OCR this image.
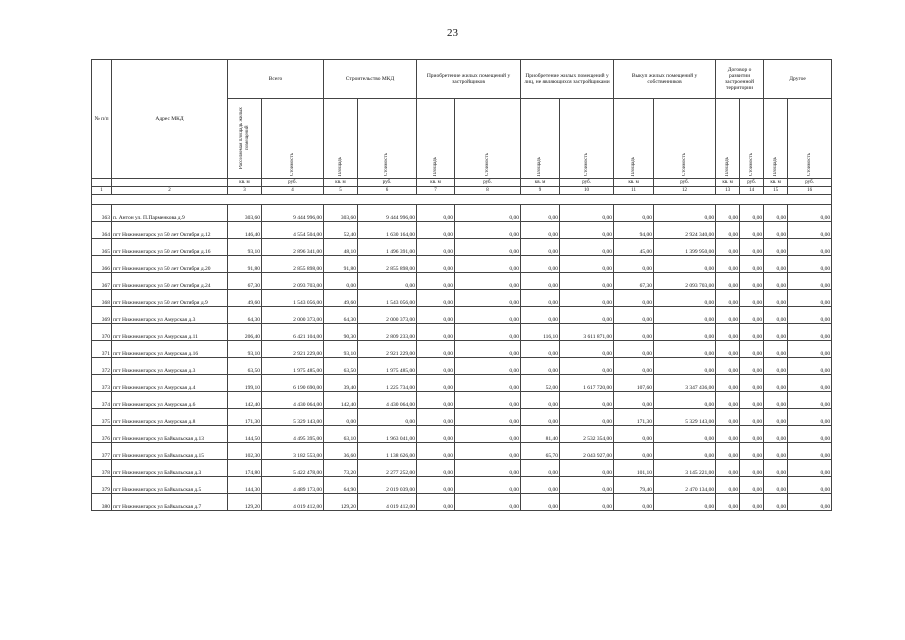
23
№ п/п	Адрес МКД	Всего		Строительство МКД		Приобретение жилых помещений у застройщиков		Приобретение жилых помещений у лиц, не являющихся застройщиками		Выкуп жилых помещений у собственников		Договор о развитии застроенной территории		Другое	
		Расселяемая площадь жилых помещений	Стоимость	Площадь	Стоимость	Площадь	Стоимость	Площадь	Стоимость	Площадь	Стоимость	Площадь	Стоимость	Площадь	Стоимость
		кв. м	руб.	кв. м	руб.	кв. м	руб.	кв. м	руб.	кв. м	руб.	кв. м	руб.	кв. м	руб.
1	2	3	4	5	6	7	8	9	10	11	12	13	14	15	16

363	п. Антон ул. П.Парменкова д.9	303,60	9 444 996,00	303,60	9 444 996,00	0,00	0,00	0,00	0,00	0,00	0,00	0,00	0,00	0,00	0,00
364	пгт Нижнеангарск ул 50 лет Октября д.12	146,40	4 554 504,00	52,40	1 630 164,00	0,00	0,00	0,00	0,00	94,00	2 924 340,00	0,00	0,00	0,00	0,00
365	пгт Нижнеангарск ул 50 лет Октября д.16	93,10	2 896 341,00	48,10	1 496 391,00	0,00	0,00	0,00	0,00	45,00	1 399 950,00	0,00	0,00	0,00	0,00
366	пгт Нижнеангарск ул 50 лет Октября д.20	91,80	2 855 898,00	91,80	2 855 898,00	0,00	0,00	0,00	0,00	0,00	0,00	0,00	0,00	0,00	0,00
367	пгт Нижнеангарск ул 50 лет Октября д.24	67,30	2 093 703,00	0,00	0,00	0,00	0,00	0,00	0,00	67,30	2 093 703,00	0,00	0,00	0,00	0,00
368	пгт Нижнеангарск ул 50 лет Октября д.9	49,60	1 543 056,00	49,60	1 543 056,00	0,00	0,00	0,00	0,00	0,00	0,00	0,00	0,00	0,00	0,00
369	пгт Нижнеангарск ул Амурская д.3	64,30	2 000 373,00	64,30	2 000 373,00	0,00	0,00	0,00	0,00	0,00	0,00	0,00	0,00	0,00	0,00
370	пгт Нижнеангарск ул Амурская д.11	206,40	6 421 104,00	90,30	2 809 233,00	0,00	0,00	116,10	3 611 871,00	0,00	0,00	0,00	0,00	0,00	0,00
371	пгт Нижнеангарск ул Амурская д.16	93,10	2 921 229,00	93,10	2 921 229,00	0,00	0,00	0,00	0,00	0,00	0,00	0,00	0,00	0,00	0,00
372	пгт Нижнеангарск ул Амурская д.3	63,50	1 975 485,00	63,50	1 975 485,00	0,00	0,00	0,00	0,00	0,00	0,00	0,00	0,00	0,00	0,00
373	пгт Нижнеангарск ул Амурская д.4	199,10	6 190 690,00	39,40	1 225 734,00	0,00	0,00	52,00	1 617 720,00	107,60	3 347 436,00	0,00	0,00	0,00	0,00
374	пгт Нижнеангарск ул Амурская д.6	142,40	4 430 064,00	142,40	4 430 064,00	0,00	0,00	0,00	0,00	0,00	0,00	0,00	0,00	0,00	0,00
375	пгт Нижнеангарск ул Амурская д.8	171,30	5 329 143,00	0,00	0,00	0,00	0,00	0,00	0,00	171,30	5 329 143,00	0,00	0,00	0,00	0,00
376	пгт Нижнеангарск ул Байкальская д.13	144,50	4 495 395,00	63,10	1 963 041,00	0,00	0,00	81,40	2 532 354,00	0,00	0,00	0,00	0,00	0,00	0,00
377	пгт Нижнеангарск ул Байкальская д.15	102,30	3 182 553,00	36,60	1 138 626,00	0,00	0,00	65,70	2 043 927,00	0,00	0,00	0,00	0,00	0,00	0,00
378	пгт Нижнеангарск ул Байкальская д.3	174,80	5 422 478,00	73,20	2 277 252,00	0,00	0,00	0,00	0,00	101,10	3 145 221,00	0,00	0,00	0,00	0,00
379	пгт Нижнеангарск ул Байкальская д.5	144,30	4 489 173,00	64,90	2 019 039,00	0,00	0,00	0,00	0,00	79,40	2 470 134,00	0,00	0,00	0,00	0,00
380	пгт Нижнеангарск ул Байкальская д.7	129,20	4 019 412,00	129,20	4 019 412,00	0,00	0,00	0,00	0,00	0,00	0,00	0,00	0,00	0,00	0,00
